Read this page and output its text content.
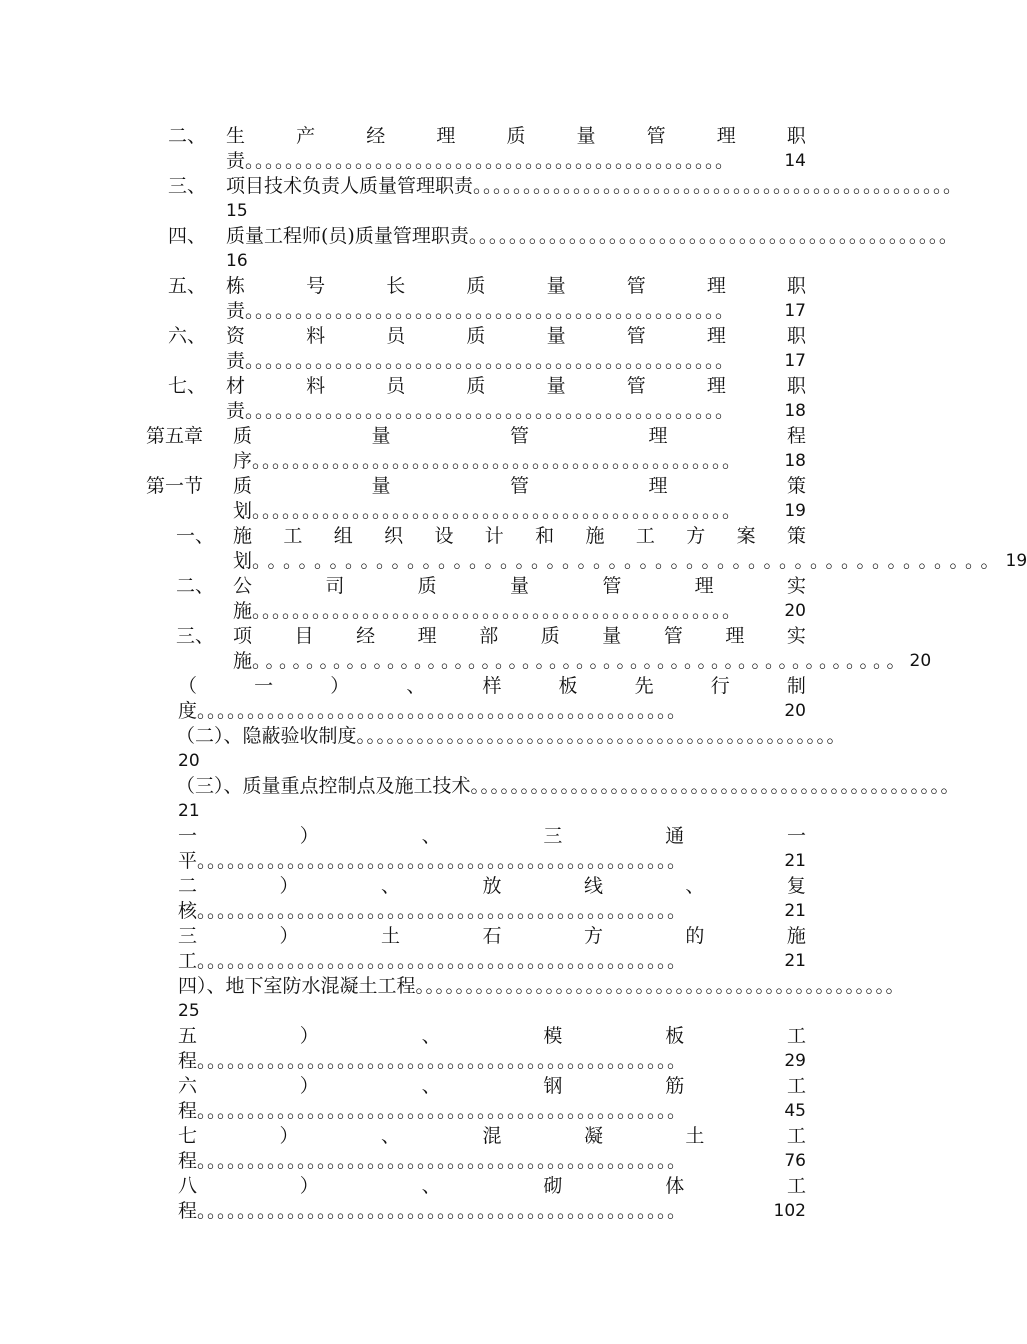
二、 生	产	经	理	质	量	管	理	职
责 。。。。。。。。。。。。。。。。。。。。。。。。。。。。。。。。。。。。。。。。。。。。。。。。	14
三、 项目技术负责人质量管理职责 。。。。。。。。。。。。。。。。。。。。。。。。。。。。。。。。。。。。。。。。。。。。。。。。
15
四、 质量工程师(员)质量管理职责 。。。。。。。。。。。。。。。。。。。。。。。。。。。。。。。。。。。。。。。。。。。。。。。。
16
五、 栋	号	长	质	量	管	理	职
责 。。。。。。。。。。。。。。。。。。。。。。。。。。。。。。。。。。。。。。。。。。。。。。。。	17
六、 资	料	员	质	量	管	理	职
责 。。。。。。。。。。。。。。。。。。。。。。。。。。。。。。。。。。。。。。。。。。。。。。。。	17
七、 材	料	员	质	量	管	理	职
责 。。。。。。。。。。。。。。。。。。。。。。。。。。。。。。。。。。。。。。。。。。。。。。。。	18
第五章 质	量	管	理	程
序 。。。。。。。。。。。。。。。。。。。。。。。。。。。。。。。。。。。。。。。。。。。。。。。。	18
第一节 质	量	管	理	策
划 。。。。。。。。。。。。。。。。。。。。。。。。。。。。。。。。。。。。。。。。。。。。。。。。	19
一、 施 工 组 织 设 计 和 施 工 方 案 策
划 。。。。。。。。。。。。。。。。。。。。。。。。。。。。。。。。。。。。。。。。。。。。。。。。 19
二、 公	司	质	量	管	理	实
施 。。。。。。。。。。。。。。。。。。。。。。。。。。。。。。。。。。。。。。。。。。。。。。。。	20
三、 项 目 经 理 部 质 量 管 理 实
施 。。。。。。。。。。。。。。。。。。。。。。。。。。。。。。。。。。。。。。。。。。。。。。。。 20
（	一	）	、	样	板	先	行	制
度 。。。。。。。。。。。。。。。。。。。。。。。。。。。。。。。。。。。。。。。。。。。。。。。。	20
（二）、隐蔽验收制度 。。。。。。。。。。。。。。。。。。。。。。。。。。。。。。。。。。。。。。。。。。。。。。。。
20
（三）、质量重点控制点及施工技术 。。。。。。。。。。。。。。。。。。。。。。。。。。。。。。。。。。。。。。。。。。。。。。。。
21
一	）	、	三	通	一
平 。。。。。。。。。。。。。。。。。。。。。。。。。。。。。。。。。。。。。。。。。。。。。。。。	21
二	）	、	放	线	、	复
核 。。。。。。。。。。。。。。。。。。。。。。。。。。。。。。。。。。。。。。。。。。。。。。。。	21
三	）	土	石	方	的	施
工 。。。。。。。。。。。。。。。。。。。。。。。。。。。。。。。。。。。。。。。。。。。。。。。。	21
四）、地下室防水混凝土工程 。。。。。。。。。。。。。。。。。。。。。。。。。。。。。。。。。。。。。。。。。。。。。。。。
25
五	）	、	模	板	工
程 。。。。。。。。。。。。。。。。。。。。。。。。。。。。。。。。。。。。。。。。。。。。。。。。	29
六	）	、	钢	筋	工
程 。。。。。。。。。。。。。。。。。。。。。。。。。。。。。。。。。。。。。。。。。。。。。。。。	45
七	）	、	混	凝	土	工
程 。。。。。。。。。。。。。。。。。。。。。。。。。。。。。。。。。。。。。。。。。。。。。。。。	76
八	）	、	砌	体	工
程 。。。。。。。。。。。。。。。。。。。。。。。。。。。。。。。。。。。。。。。。。。。。。。。。	102
